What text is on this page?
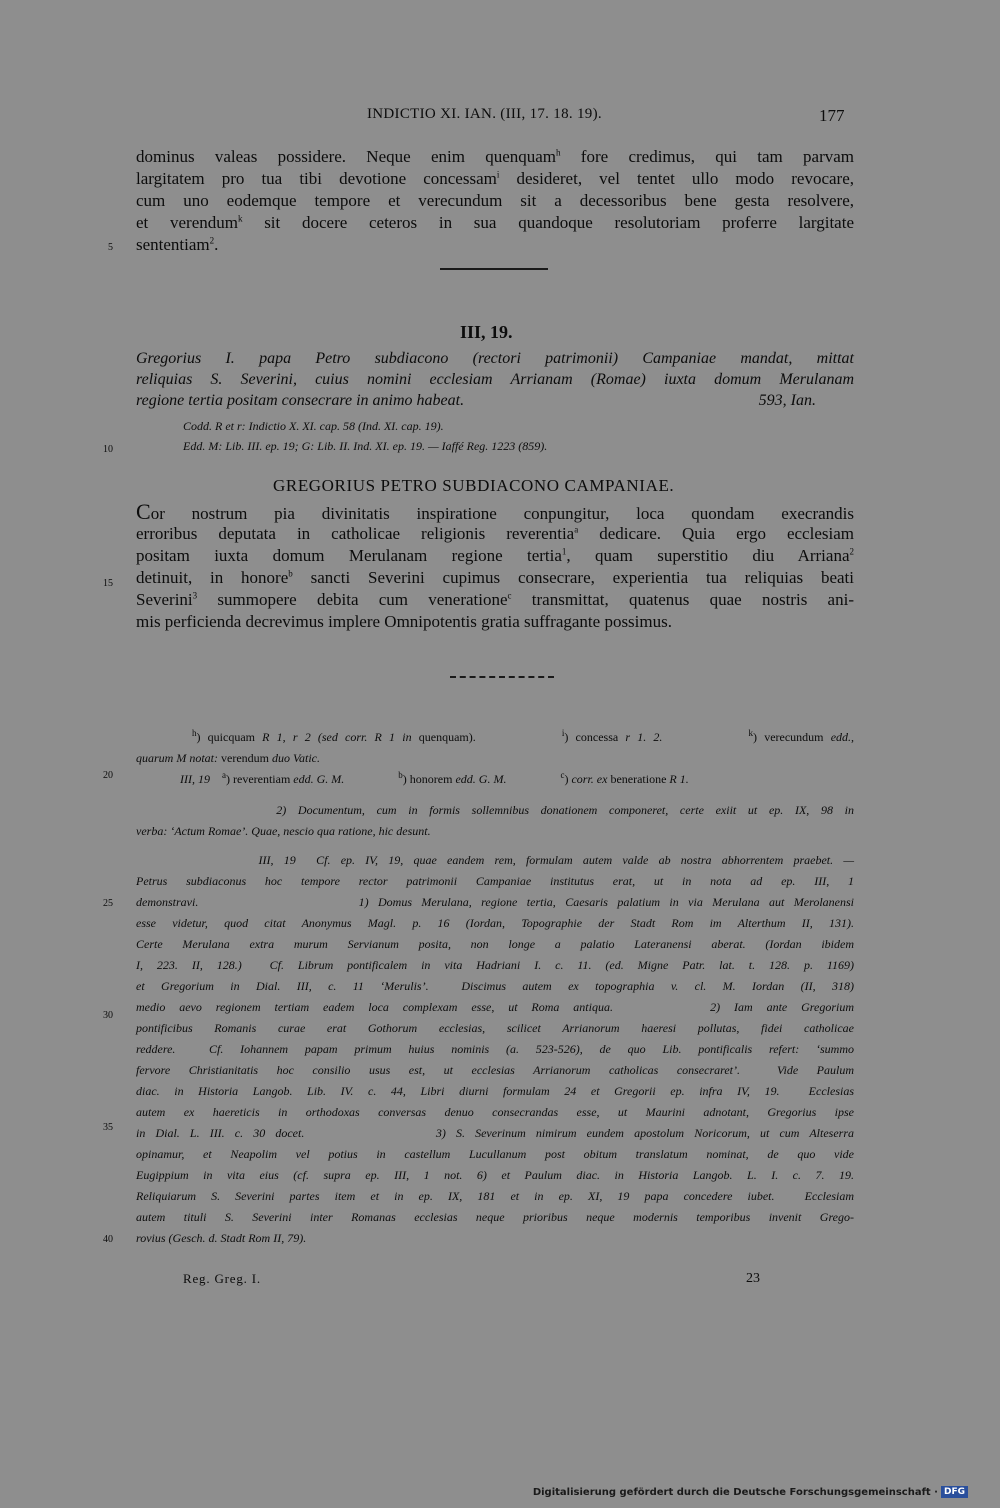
INDICTIO XI. IAN. (III, 17. 18. 19).	177
dominus valeas possidere. Neque enim quenquam$^h$ fore credimus, qui tam parvam
largitatem pro tua tibi devotione concessam$^i$ desideret, vel tentet ullo modo revocare,
cum uno eodemque tempore et verecundum sit a decessoribus bene gesta resolvere,
et verendum$^k$ sit docere ceteros in sua quandoque resolutoriam proferre largitate
sententiam$^2$.
III, 19.
Gregorius I. papa Petro subdiacono (rectori patrimonii) Campaniae mandat, mittat
reliquias S. Severini, cuius nomini ecclesiam Arrianam (Romae) iuxta domum Merulanam
regione tertia positam consecrare in animo habeat.	593, Ian.
Codd. R et r: Indictio X. XI. cap. 58 (Ind. XI. cap. 19).
Edd. M: Lib. III. ep. 19; G: Lib. II. Ind. XI. ep. 19. — Iaffé Reg. 1223 (859).
GREGORIUS PETRO SUBDIACONO CAMPANIAE.
Cor nostrum pia divinitatis inspiratione conpungitur, loca quondam execrandis
erroribus deputata in catholicae religionis reverentia$^a$ dedicare. Quia ergo ecclesiam
positam iuxta domum Merulanam regione tertia$^1$, quam superstitio diu Arriana$^2$
detinuit, in honore$^b$ sancti Severini cupimus consecrare, experientia tua reliquias beati
Severini$^3$ summopere debita cum veneratione$^c$ transmittat, quatenus quae nostris ani-
mis perficienda decrevimus implere Omnipotentis gratia suffragante possimus.
$^h$) quicquam R 1, r 2 (sed corr. R 1 in quenquam).            $^i$) concessa r 1. 2.	$^k$) verecundum edd.,
quarum M notat: verendum duo Vatic.
III, 19 $^a$) reverentiam edd. G. M.	$^b$) honorem edd. G. M.	$^c$) corr. ex beneratione R 1.
2) Documentum, cum in formis sollemnibus donationem componeret, certe exiit ut ep. IX, 98 in
verba: ‘Actum Romae’. Quae, nescio qua ratione, hic desunt.
III, 19  Cf. ep. IV, 19, quae eandem rem, formulam autem valde ab nostra abhorrentem praebet. —
Petrus subdiaconus hoc tempore rector patrimonii Campaniae institutus erat, ut in nota ad ep. III, 1
demonstravi.                 1) Domus Merulana, regione tertia, Caesaris palatium in via Merulana aut Merolanensi
esse videtur, quod citat Anonymus Magl. p. 16 (Iordan, Topographie der Stadt Rom im Alterthum II, 131).
Certe Merulana extra murum Servianum posita, non longe a palatio Lateranensi aberat. (Iordan ibidem
I, 223. II, 128.)  Cf. Librum pontificalem in vita Hadriani I. c. 11. (ed. Migne Patr. lat. t. 128. p. 1169)
et Gregorium in Dial. III, c. 11 ‘Merulis’.  Discimus autem ex topographia v. cl. M. Iordan (II, 318)
medio aevo regionem tertiam eadem loca complexam esse, ut Roma antiqua.       2) Iam ante Gregorium
pontificibus Romanis curae erat Gothorum ecclesias, scilicet Arrianorum haeresi pollutas, fidei catholicae
reddere.  Cf. Iohannem papam primum huius nominis (a. 523-526), de quo Lib. pontificalis refert: ‘summo
fervore Christianitatis hoc consilio usus est, ut ecclesias Arrianorum catholicas consecraret’.  Vide Paulum
diac. in Historia Langob. Lib. IV. c. 44, Libri diurni formulam 24 et Gregorii ep. infra IV, 19.  Ecclesias
autem ex haereticis in orthodoxas conversas denuo consecrandas esse, ut Maurini adnotant, Gregorius ipse
in Dial. L. III. c. 30 docet.             3) S. Severinum nimirum eundem apostolum Noricorum, ut cum Alteserra
opinamur, et Neapolim vel potius in castellum Lucullanum post obitum translatum nominat, de quo vide
Eugippium in vita eius (cf. supra ep. III, 1 not. 6) et Paulum diac. in Historia Langob. L. I. c. 7. 19.
Reliquiarum S. Severini partes item et in ep. IX, 181 et in ep. XI, 19 papa concedere iubet.  Ecclesiam
autem tituli S. Severini inter Romanas ecclesias neque prioribus neque modernis temporibus invenit Grego-
rovius (Gesch. d. Stadt Rom II, 79).
5
10
15
20
25
30
35
40
Reg. Greg. I.	23
Digitalisierung gefördert durch die Deutsche Forschungsgemeinschaft · DFG
